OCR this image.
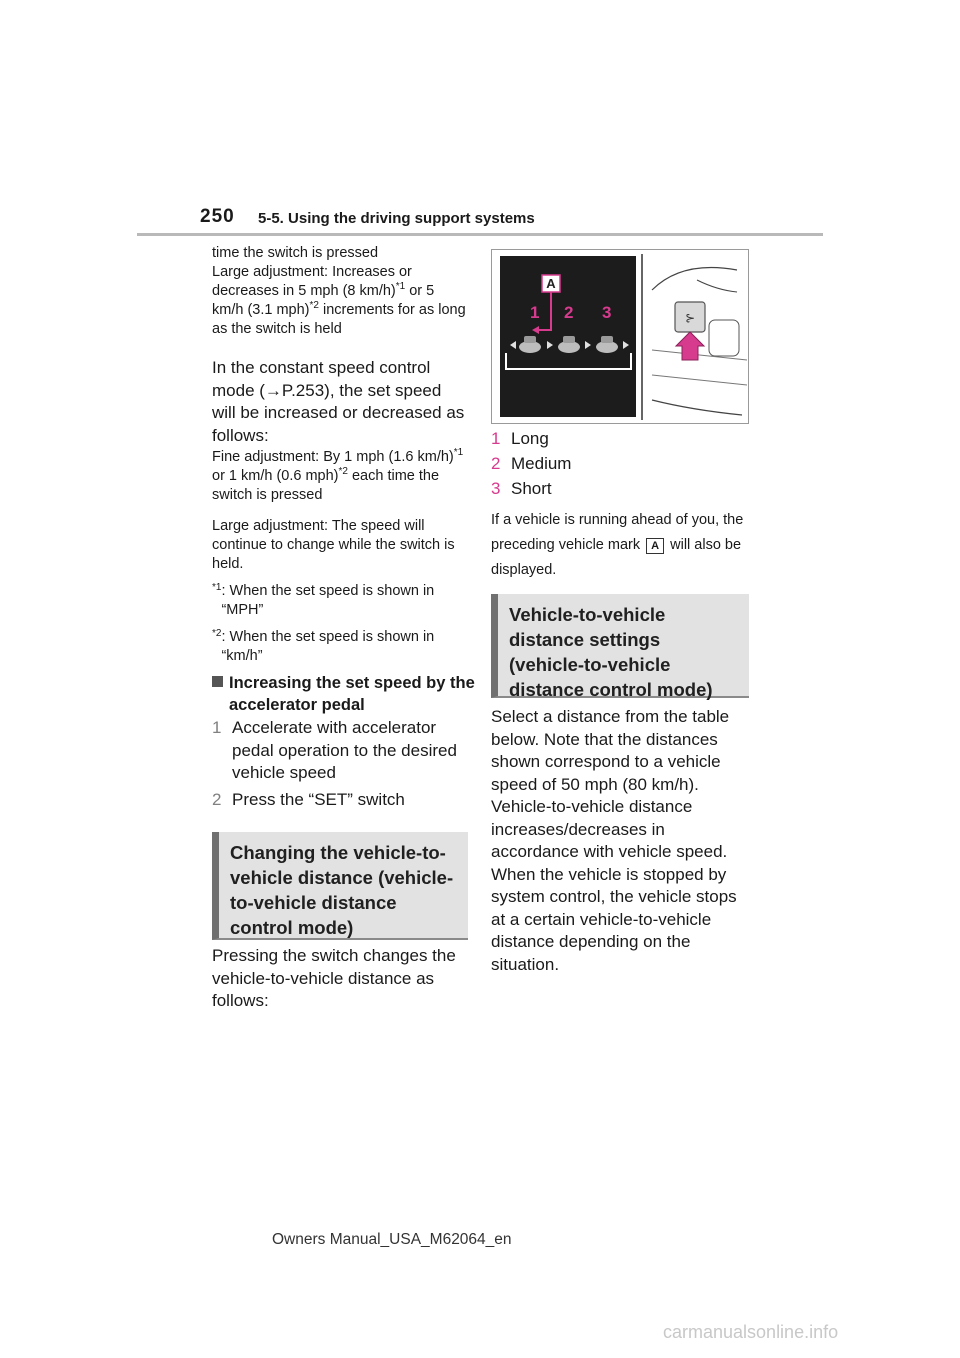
250 5-5. Using the driving support systems
time the switch is pressed
Large adjustment: Increases or decreases in 5 mph (8 km/h)$^{*1}$ or 5 km/h (3.1 mph)$^{*2}$ increments for as long as the switch is held
In the constant speed control mode (→P.253), the set speed will be increased or decreased as follows:
Fine adjustment: By 1 mph (1.6 km/h)$^{*1}$ or 1 km/h (0.6 mph)$^{*2}$ each time the switch is pressed
Large adjustment: The speed will continue to change while the switch is held.
*1 : When the set speed is shown in “MPH”
*2 : When the set speed is shown in “km/h”
Increasing the set speed by the accelerator pedal
1 Accelerate with accelerator pedal operation to the desired vehicle speed
2 Press the “SET” switch
Changing the vehicle-to-vehicle distance (vehicle-to-vehicle distance control mode)
Pressing the switch changes the vehicle-to-vehicle distance as follows:
A
1 2 3	⊱
1 Long
2 Medium
3 Short
If a vehicle is running ahead of you, the preceding vehicle mark A will also be displayed.
Vehicle-to-vehicle distance settings (vehicle-to-vehicle distance control mode)
Select a distance from the table below. Note that the distances shown correspond to a vehicle speed of 50 mph (80 km/h). Vehicle-to-vehicle distance increases/decreases in accordance with vehicle speed. When the vehicle is stopped by system control, the vehicle stops at a certain vehicle-to-vehicle distance depending on the situation.
Owners Manual_USA_M62064_en
carmanualsonline.info
